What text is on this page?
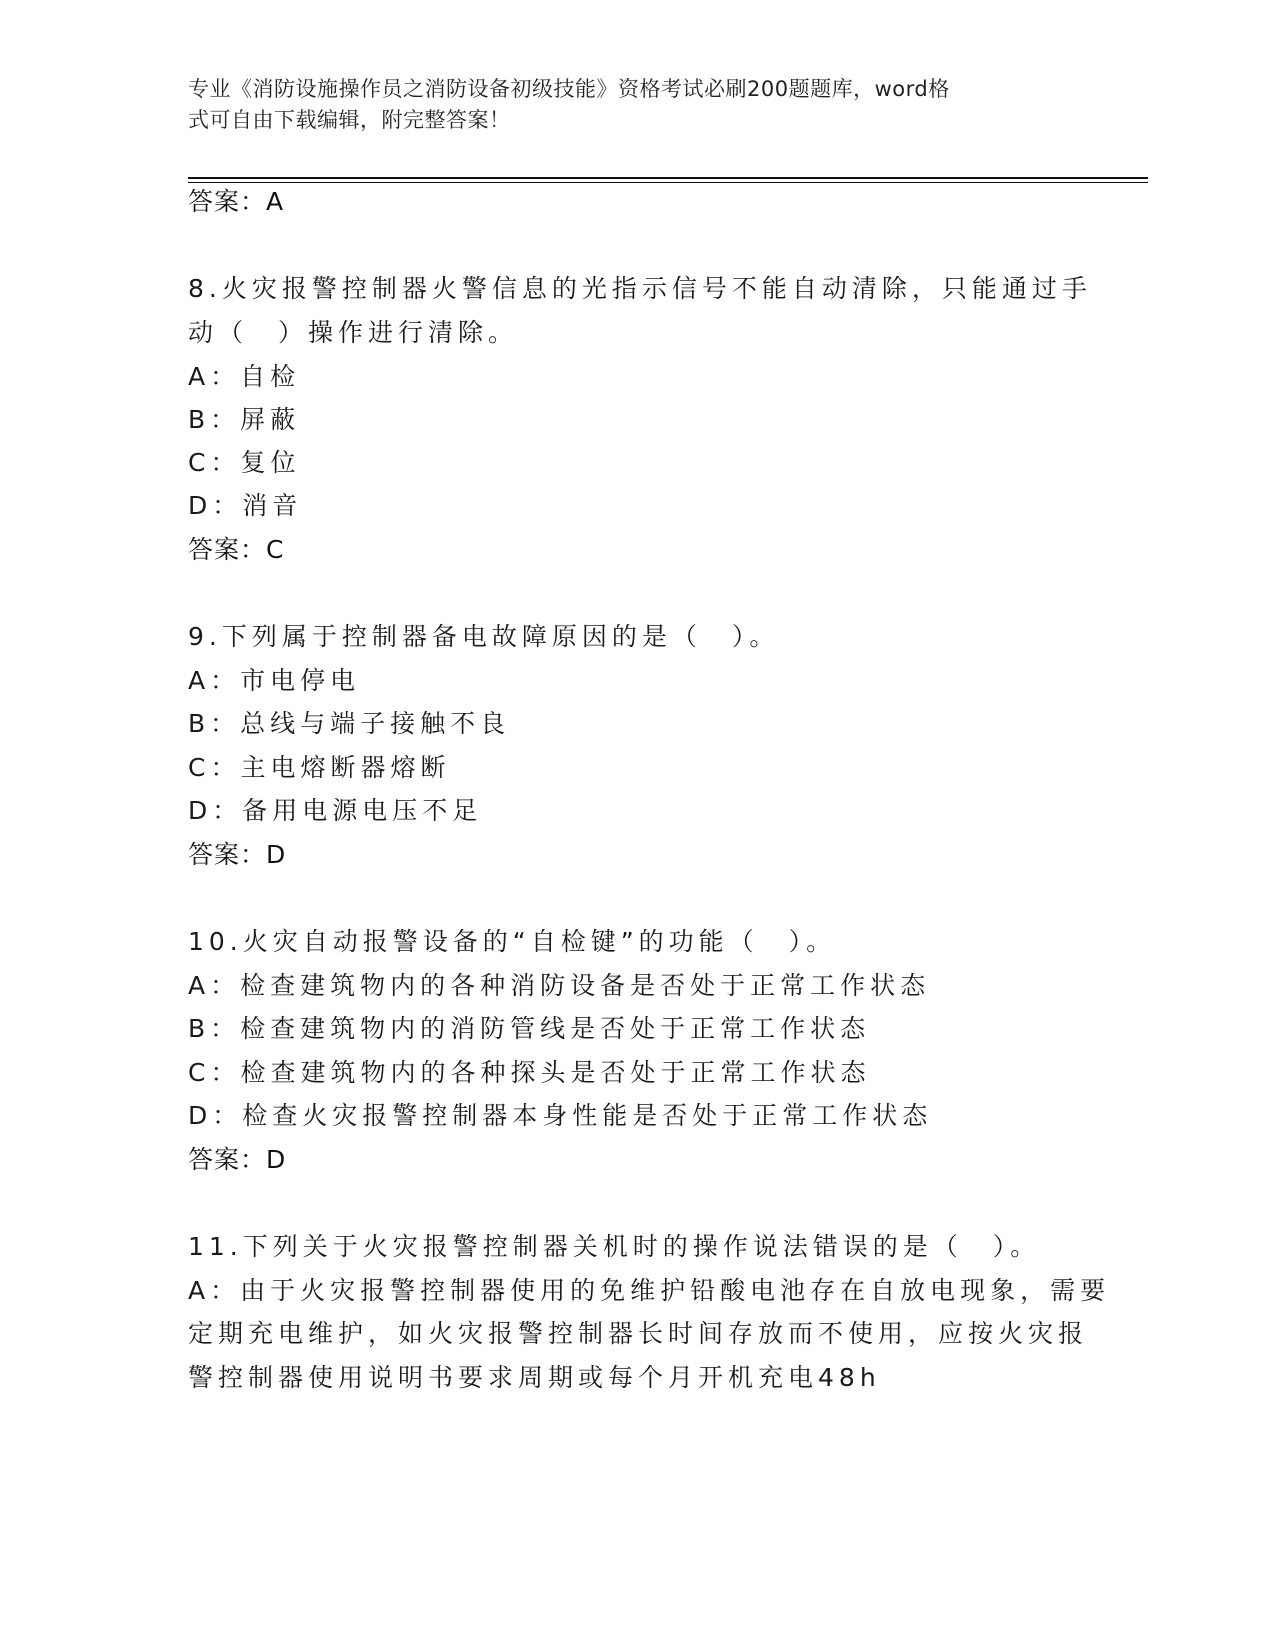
专业《消防设施操作员之消防设备初级技能》资格考试必刷200题题库，word格
式可自由下载编辑，附完整答案！
答案：A
8.火灾报警控制器火警信息的光指示信号不能自动清除，只能通过手
动（　）操作进行清除。
A：自检
B：屏蔽
C：复位
D：消音
答案：C
9.下列属于控制器备电故障原因的是（　）。
A：市电停电
B：总线与端子接触不良
C：主电熔断器熔断
D：备用电源电压不足
答案：D
10.火灾自动报警设备的“自检键”的功能（　）。
A：检查建筑物内的各种消防设备是否处于正常工作状态
B：检查建筑物内的消防管线是否处于正常工作状态
C：检查建筑物内的各种探头是否处于正常工作状态
D：检查火灾报警控制器本身性能是否处于正常工作状态
答案：D
11.下列关于火灾报警控制器关机时的操作说法错误的是（　）。
A：由于火灾报警控制器使用的免维护铅酸电池存在自放电现象，需要
定期充电维护，如火灾报警控制器长时间存放而不使用，应按火灾报
警控制器使用说明书要求周期或每个月开机充电48h
